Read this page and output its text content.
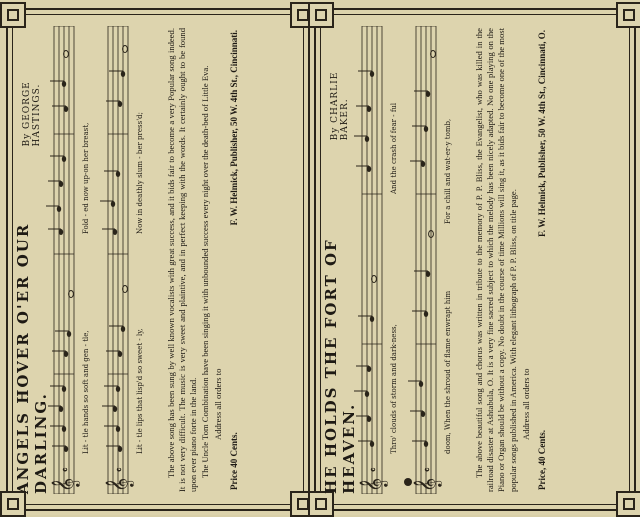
ANGELS HOVER O'ER OUR DARLING.
By GEORGE HASTINGS.
𝄞 𝄞
𝄴	𝄴
Lit - tle hands so soft and gen - tle,
Fold - ed now up-on her breast,
Lit - tle lips that lisp'd so sweet - ly,
Now in deathly slum - ber press'd;	The above song has been sung by well known vocalists with great success, and it bids fair to become a very Popular song indeed. It is not very difficult. The music is very sweet and plaintive, and in perfect keeping with the words. It certainly ought to be found upon ever piano forte in the land. The Uncle Tom Combination have been singing it with unbounded success every night over the death-bed of Little Eva. Address all orders to
Price 40 Cents.
F. W. Helmick, Publisher, 50 W. 4th St., Cincinnati.
HE HOLDS THE FORT OF HEAVEN.
By CHARLIE BAKER.
𝄞 𝄞
𝄴	𝄴
Thro' clouds of storm and dark-ness,
And the crash of fear - ful
doom, When the shroud of flame enwrapt him
For a chill and wat-er-y tomb,	The above beautiful song and chorus was written in tribute to the memory of P. P. Bliss, the Evangelist, who was killed in the railroad disaster at Ashtabula, O. It is a very fine sacred subject to which the melody has been nicely adapted. No one playing on the Piano or Organ should be without a copy. No doubt in the course of time Millions will sing it, as it bids fair to become one of the most popular songs published in America. With elegant lithograph of P. P. Bliss, on title page. Address all orders to
Price, 40 Cents.
F. W. Helmick, Publisher, 50 W. 4th St., Cincinnati, O.
